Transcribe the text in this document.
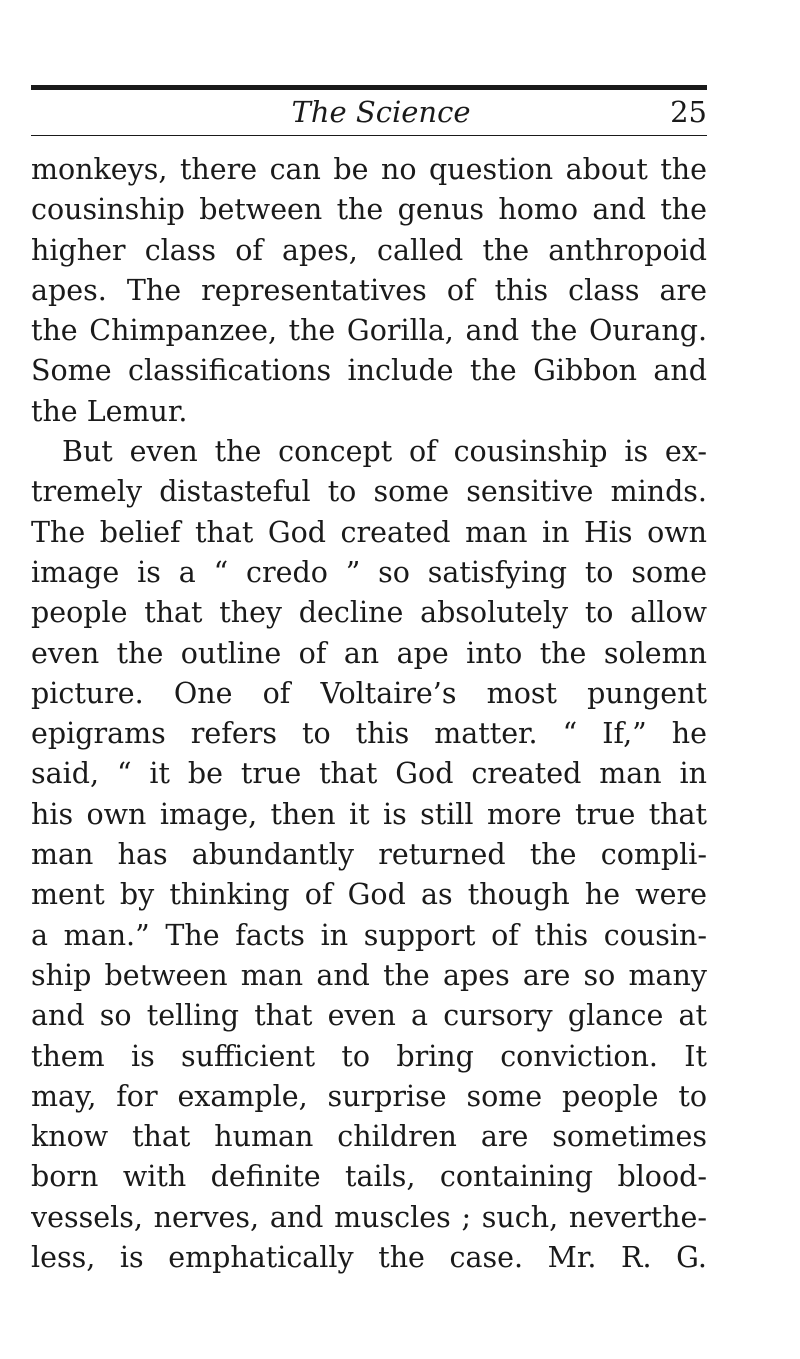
The Science	25
monkeys, there can be no question about the
cousinship between the genus homo and the
higher class of apes, called the anthropoid
apes. The representatives of this class are
the Chimpanzee, the Gorilla, and the Ourang.
Some classifications include the Gibbon and
the Lemur.
But even the concept of cousinship is ex-
tremely distasteful to some sensitive minds.
The belief that God created man in His own
image is a “ credo ” so satisfying to some
people that they decline absolutely to allow
even the outline of an ape into the solemn
picture. One of Voltaire’s most pungent
epigrams refers to this matter. “ If,” he
said, “ it be true that God created man in
his own image, then it is still more true that
man has abundantly returned the compli-
ment by thinking of God as though he were
a man.” The facts in support of this cousin-
ship between man and the apes are so many
and so telling that even a cursory glance at
them is sufficient to bring conviction. It
may, for example, surprise some people to
know that human children are sometimes
born with definite tails, containing blood-
vessels, nerves, and muscles ; such, neverthe-
less, is emphatically the case. Mr. R. G.
